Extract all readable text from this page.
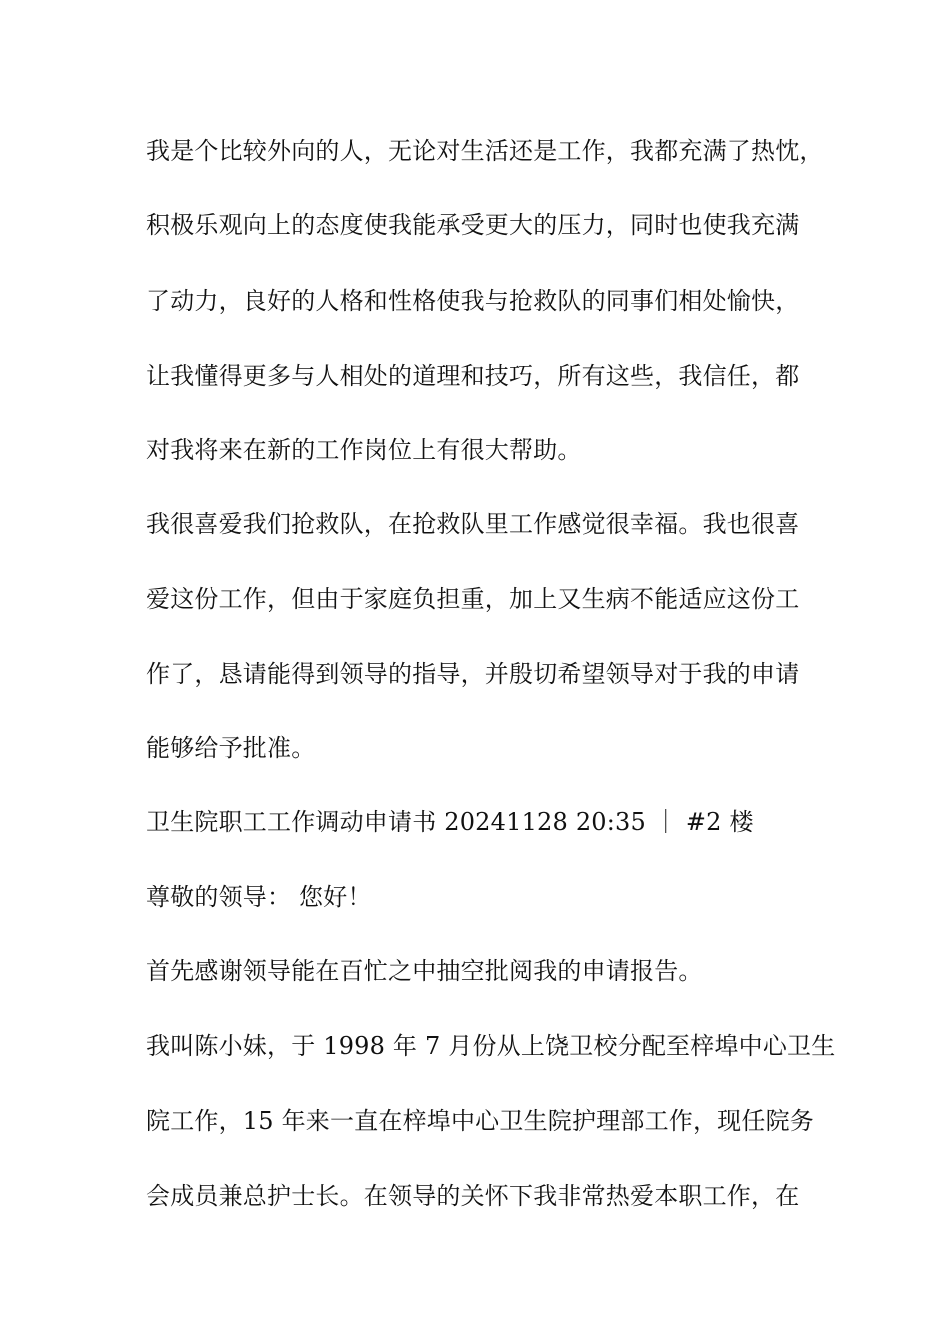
我是个比较外向的人，无论对生活还是工作，我都充满了热忱，
积极乐观向上的态度使我能承受更大的压力，同时也使我充满
了动力，良好的人格和性格使我与抢救队的同事们相处愉快，
让我懂得更多与人相处的道理和技巧，所有这些，我信任，都
对我将来在新的工作岗位上有很大帮助。
我很喜爱我们抢救队，在抢救队里工作感觉很幸福。我也很喜
爱这份工作，但由于家庭负担重，加上又生病不能适应这份工
作了，恳请能得到领导的指导，并殷切希望领导对于我的申请
能够给予批准。
卫生院职工工作调动申请书 20241128 20:35 ｜ #2 楼
尊敬的领导： 您好！
首先感谢领导能在百忙之中抽空批阅我的申请报告。
我叫陈小妹，于 1998 年 7 月份从上饶卫校分配至梓埠中心卫生
院工作，15 年来一直在梓埠中心卫生院护理部工作，现任院务
会成员兼总护士长。在领导的关怀下我非常热爱本职工作，在
